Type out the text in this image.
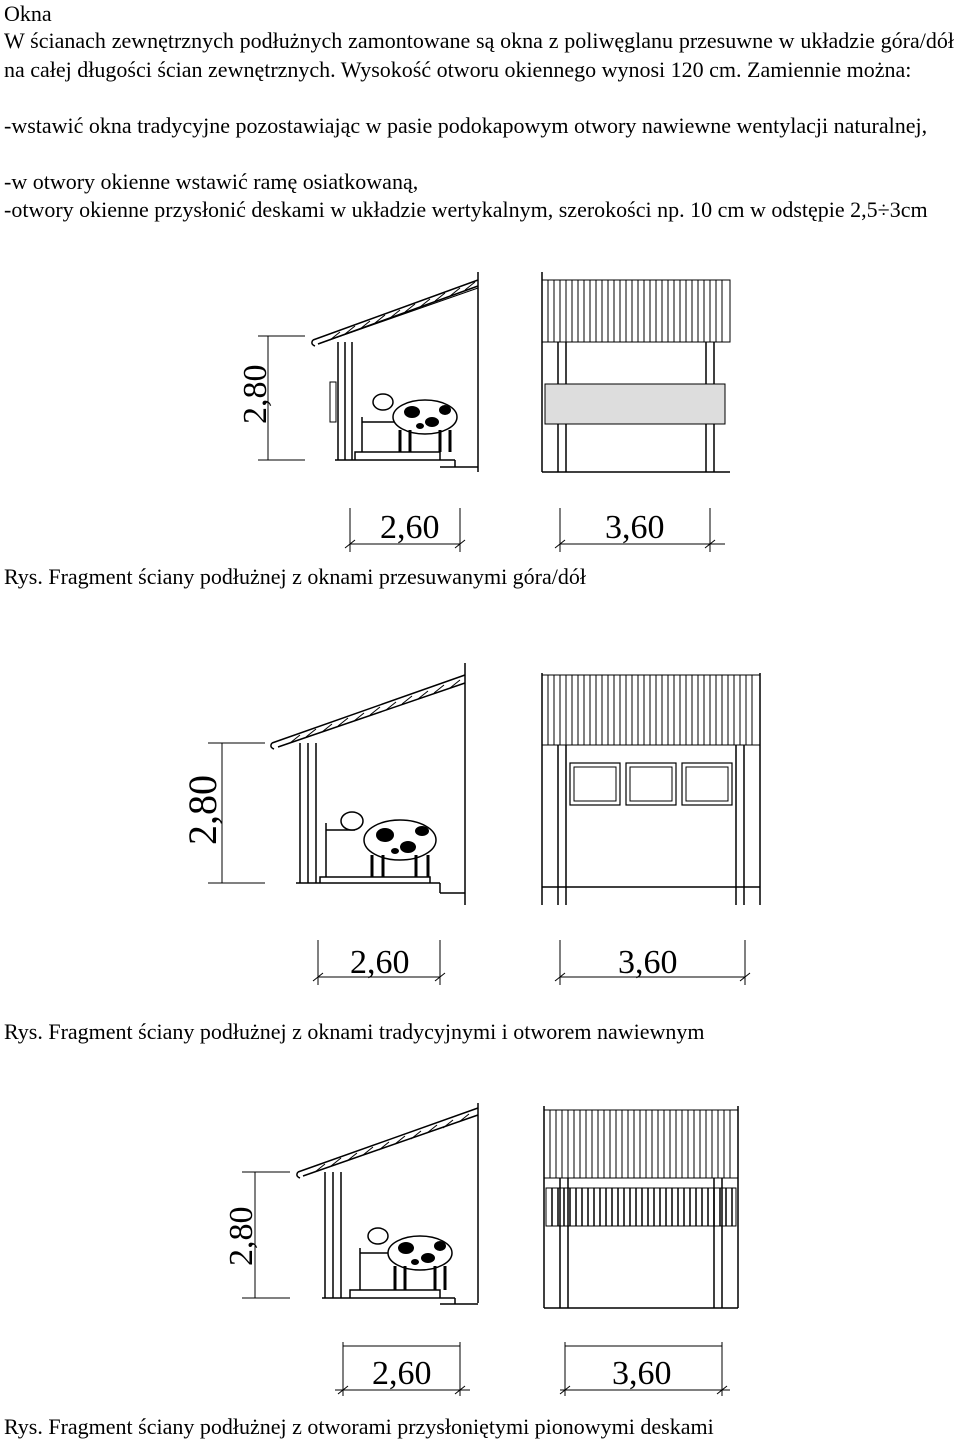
Okna
W ścianach zewnętrznych podłużnych zamontowane są okna z poliwęglanu przesuwne w układzie góra/dół na całej długości ścian zewnętrznych. Wysokość otworu okiennego wynosi 120 cm. Zamiennie można:
-wstawić okna tradycyjne pozostawiając w pasie podokapowym otwory nawiewne wentylacji naturalnej,
-w otwory okienne wstawić ramę osiatkowaną,
-otwory okienne przysłonić deskami w układzie wertykalnym, szerokości np. 10 cm w odstępie 2,5÷3cm
2,80
2,60	3,60
Rys. Fragment ściany podłużnej z oknami przesuwanymi góra/dół
2,80
2,60	3,60
Rys. Fragment ściany podłużnej z oknami tradycyjnymi i otworem nawiewnym
2,80
2,60	3,60
Rys. Fragment ściany podłużnej z otworami przysłoniętymi pionowymi deskami
